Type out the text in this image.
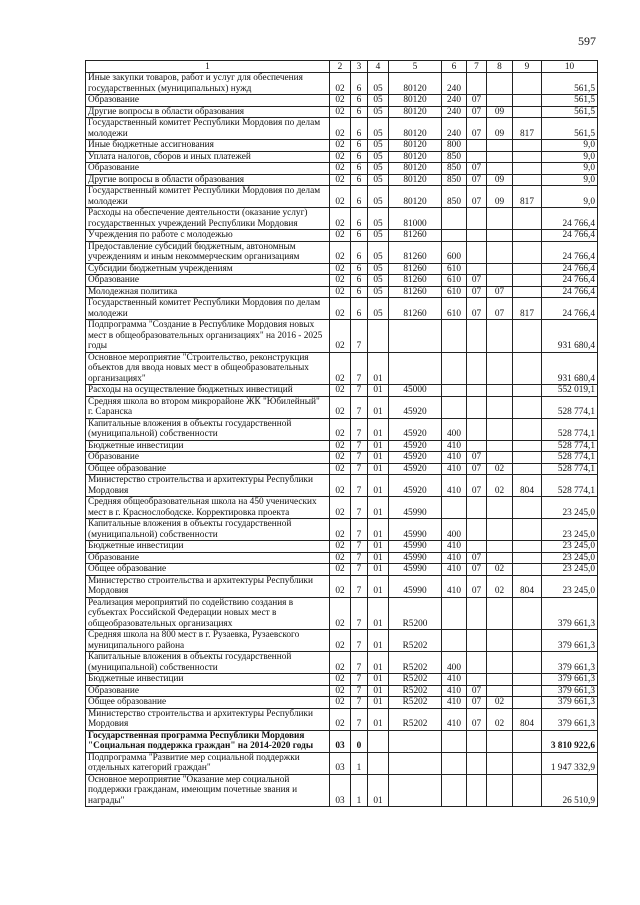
597
1	2	3	4	5	6	7	8	9	10
Иные закупки товаров, работ и услуг для обеспечения государственных (муниципальных) нужд	02	6	05	80120	240				561,5
Образование	02	6	05	80120	240	07			561,5
Другие вопросы в области образования	02	6	05	80120	240	07	09		561,5
Государственный комитет Республики Мордовия по делам молодежи	02	6	05	80120	240	07	09	817	561,5
Иные бюджетные ассигнования	02	6	05	80120	800				9,0
Уплата налогов, сборов и иных платежей	02	6	05	80120	850				9,0
Образование	02	6	05	80120	850	07			9,0
Другие вопросы в области образования	02	6	05	80120	850	07	09		9,0
Государственный комитет Республики Мордовия по делам молодежи	02	6	05	80120	850	07	09	817	9,0
Расходы на обеспечение деятельности (оказание услуг) государственных учреждений Республики Мордовия	02	6	05	81000					24 766,4
Учреждения по работе с молодежью	02	6	05	81260					24 766,4
Предоставление субсидий бюджетным, автономным учреждениям и иным некоммерческим организациям	02	6	05	81260	600				24 766,4
Субсидии бюджетным учреждениям	02	6	05	81260	610				24 766,4
Образование	02	6	05	81260	610	07			24 766,4
Молодежная политика	02	6	05	81260	610	07	07		24 766,4
Государственный комитет Республики Мордовия по делам молодежи	02	6	05	81260	610	07	07	817	24 766,4
Подпрограмма "Создание в Республике Мордовия новых мест в общеобразовательных организациях" на 2016 - 2025 годы	02	7							931 680,4
Основное мероприятие "Строительство, реконструкция объектов для ввода новых мест в общеобразовательных организациях"	02	7	01						931 680,4
Расходы на осуществление бюджетных инвестиций	02	7	01	45000					552 019,1
Средняя школа во втором микрорайоне ЖК "Юбилейный" г. Саранска	02	7	01	45920					528 774,1
Капитальные вложения в объекты государственной (муниципальной) собственности	02	7	01	45920	400				528 774,1
Бюджетные инвестиции	02	7	01	45920	410				528 774,1
Образование	02	7	01	45920	410	07			528 774,1
Общее образование	02	7	01	45920	410	07	02		528 774,1
Министерство строительства и архитектуры Республики Мордовия	02	7	01	45920	410	07	02	804	528 774,1
Средняя общеобразовательная школа на 450 ученических мест в г. Краснослободске. Корректировка проекта	02	7	01	45990					23 245,0
Капитальные вложения в объекты государственной (муниципальной) собственности	02	7	01	45990	400				23 245,0
Бюджетные инвестиции	02	7	01	45990	410				23 245,0
Образование	02	7	01	45990	410	07			23 245,0
Общее образование	02	7	01	45990	410	07	02		23 245,0
Министерство строительства и архитектуры Республики Мордовия	02	7	01	45990	410	07	02	804	23 245,0
Реализация мероприятий по содействию создания в субъектах Российской Федерации новых мест в общеобразовательных организациях	02	7	01	R5200					379 661,3
Средняя школа на 800 мест в г. Рузаевка, Рузаевского муниципального района	02	7	01	R5202					379 661,3
Капитальные вложения в объекты государственной (муниципальной) собственности	02	7	01	R5202	400				379 661,3
Бюджетные инвестиции	02	7	01	R5202	410				379 661,3
Образование	02	7	01	R5202	410	07			379 661,3
Общее образование	02	7	01	R5202	410	07	02		379 661,3
Министерство строительства и архитектуры Республики Мордовия	02	7	01	R5202	410	07	02	804	379 661,3
Государственная программа Республики Мордовия "Социальная поддержка граждан" на 2014-2020 годы	03	0							3 810 922,6
Подпрограмма "Развитие мер социальной поддержки отдельных категорий граждан"	03	1							1 947 332,9
Основное мероприятие "Оказание мер социальной поддержки гражданам, имеющим почетные звания и награды"	03	1	01						26 510,9
